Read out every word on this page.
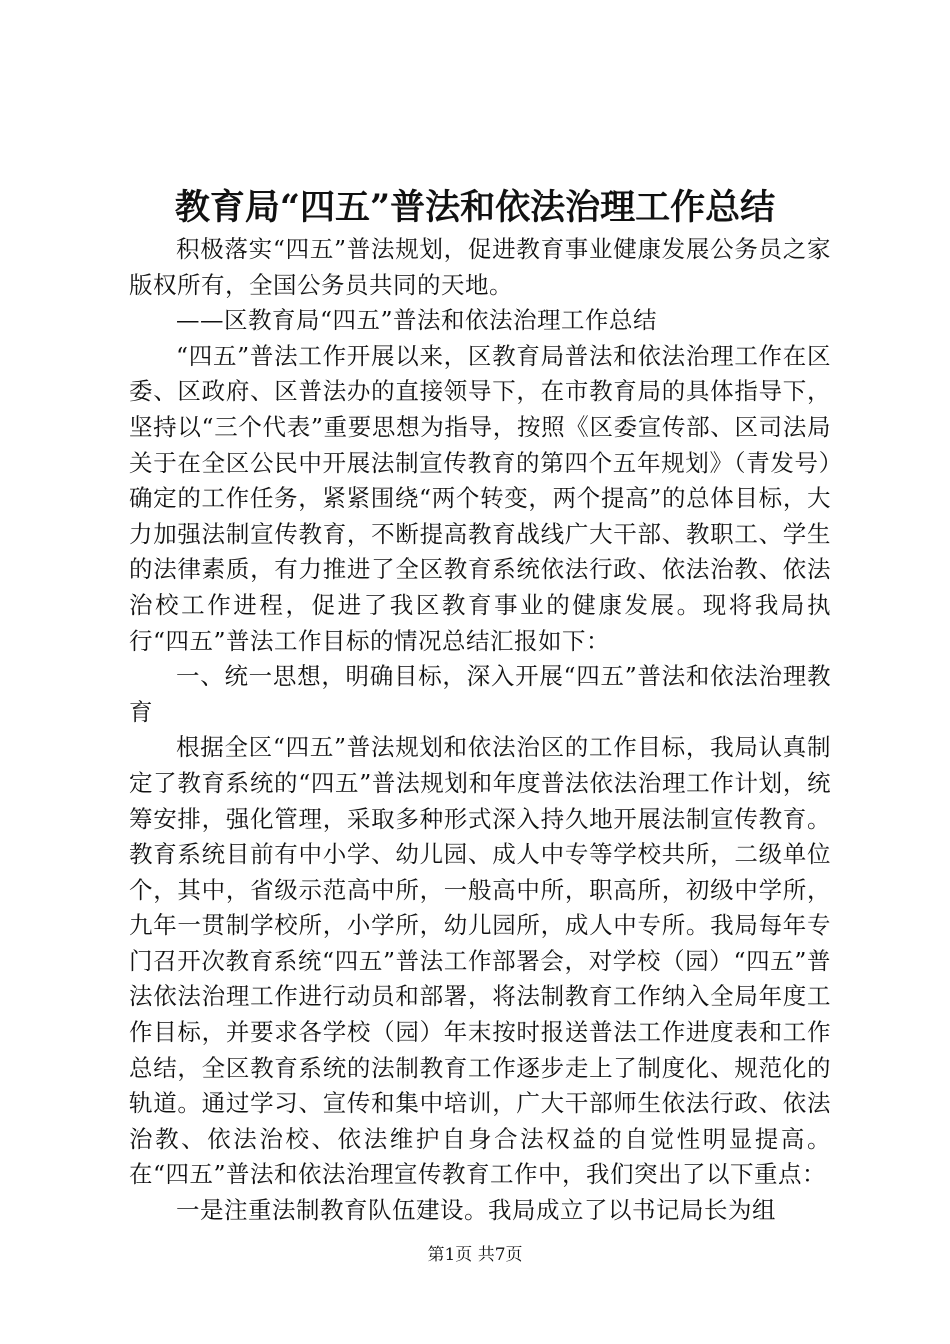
教育局“四五”普法和依法治理工作总结

积极落实“四五”普法规划，促进教育事业健康发展公务员之家版权所有，全国公务员共同的天地。

——区教育局“四五”普法和依法治理工作总结

“四五”普法工作开展以来，区教育局普法和依法治理工作在区委、区政府、区普法办的直接领导下，在市教育局的具体指导下，坚持以“三个代表”重要思想为指导，按照《区委宣传部、区司法局关于在全区公民中开展法制宣传教育的第四个五年规划》（青发号）确定的工作任务，紧紧围绕“两个转变，两个提高”的总体目标，大力加强法制宣传教育，不断提高教育战线广大干部、教职工、学生的法律素质，有力推进了全区教育系统依法行政、依法治教、依法治校工作进程，促进了我区教育事业的健康发展。现将我局执行“四五”普法工作目标的情况总结汇报如下：

一、统一思想，明确目标，深入开展“四五”普法和依法治理教育

根据全区“四五”普法规划和依法治区的工作目标，我局认真制定了教育系统的“四五”普法规划和年度普法依法治理工作计划，统筹安排，强化管理，采取多种形式深入持久地开展法制宣传教育。教育系统目前有中小学、幼儿园、成人中专等学校共所，二级单位个，其中，省级示范高中所，一般高中所，职高所，初级中学所，九年一贯制学校所，小学所，幼儿园所，成人中专所。我局每年专门召开次教育系统“四五”普法工作部署会，对学校（园）“四五”普法依法治理工作进行动员和部署，将法制教育工作纳入全局年度工作目标，并要求各学校（园）年末按时报送普法工作进度表和工作总结，全区教育系统的法制教育工作逐步走上了制度化、规范化的轨道。通过学习、宣传和集中培训，广大干部师生依法行政、依法治教、依法治校、依法维护自身合法权益的自觉性明显提高。在“四五”普法和依法治理宣传教育工作中，我们突出了以下重点：

一是注重法制教育队伍建设。我局成立了以书记局长为组

第1页 共7页
